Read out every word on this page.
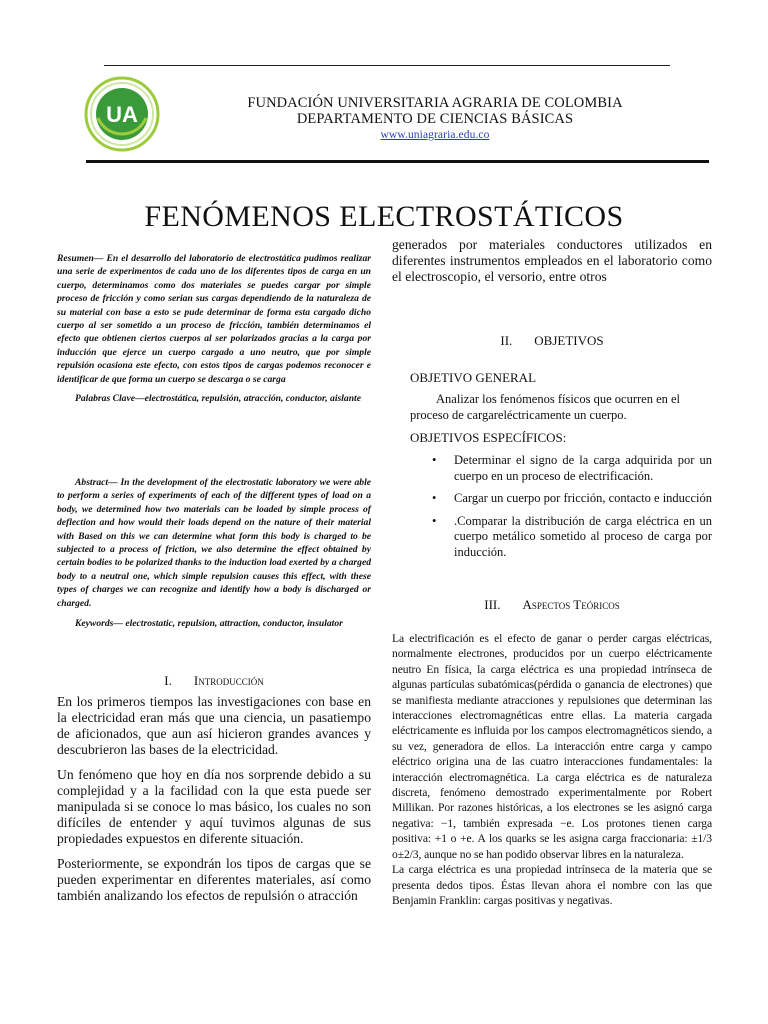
UA	FUNDACIÓN UNIVERSITARIA AGRARIA DE COLOMBIA
DEPARTAMENTO DE CIENCIAS BÁSICAS
www.uniagraria.edu.co
FENÓMENOS ELECTROSTÁTICOS

Resumen— En el desarrollo del laboratorio de electrostática pudimos realizar una serie de experimentos de cada uno de los diferentes tipos de carga en un cuerpo, determinamos como dos materiales se puedes cargar por simple proceso de fricción y como serian sus cargas dependiendo de la naturaleza de su material con base a esto se pude determinar de forma esta cargado dicho cuerpo al ser sometido a un proceso de fricción, también determinamos el efecto que obtienen ciertos cuerpos al ser polarizados gracias a la carga por inducción que ejerce un cuerpo cargado a uno neutro, que por simple repulsión ocasiona este efecto, con estos tipos de cargas podemos reconocer e identificar de que forma un cuerpo se descarga o se carga

Palabras Clave—electrostática, repulsión, atracción, conductor, aislante

Abstract— In the development of the electrostatic laboratory we were able to perform a series of experiments of each of the different types of load on a body, we determined how two materials can be loaded by simple process of deflection and how would their loads depend on the nature of their material with Based on this we can determine what form this body is charged to be subjected to a process of friction, we also determine the effect obtained by certain bodies to be polarized thanks to the induction load exerted by a charged body to a neutral one, which simple repulsion causes this effect, with these types of charges we can recognize and identify how a body is discharged or charged.

Keywords— electrostatic, repulsion, attraction, conductor, insulator

I. Introducción

En los primeros tiempos las investigaciones con base en la electricidad eran más que una ciencia, un pasatiempo de aficionados, que aun así hicieron grandes avances y descubrieron las bases de la electricidad.

Un fenómeno que hoy en día nos sorprende debido a su complejidad y a la facilidad con la que esta puede ser manipulada si se conoce lo mas básico, los cuales no son difíciles de entender y aquí tuvimos algunas de sus propiedades expuestos en diferente situación.

Posteriormente, se expondrán los tipos de cargas que se pueden experimentar en diferentes materiales, así como también analizando los efectos de repulsión o atracción

generados por materiales conductores utilizados en diferentes instrumentos empleados en el laboratorio como el electroscopio, el versorio, entre otros

II. OBJETIVOS
OBJETIVO GENERAL
Analizar los fenómenos físicos que ocurren en el proceso de cargareléctricamente un cuerpo.
OBJETIVOS ESPECÍFICOS:
• Determinar el signo de la carga adquirida por un cuerpo en un proceso de electrificación.
• Cargar un cuerpo por fricción, contacto e inducción
• .Comparar la distribución de carga eléctrica en un cuerpo metálico sometido al proceso de carga por inducción.
III. Aspectos Teóricos

La electrificación es el efecto de ganar o perder cargas eléctricas, normalmente electrones, producidos por un cuerpo eléctricamente neutro En física, la carga eléctrica es una propiedad intrínseca de algunas partículas subatómicas(pérdida o ganancia de electrones) que se manifiesta mediante atracciones y repulsiones que determinan las interacciones electromagnéticas entre ellas. La materia cargada eléctricamente es influida por los campos electromagnéticos siendo, a su vez, generadora de ellos. La interacción entre carga y campo eléctrico origina una de las cuatro interacciones fundamentales: la interacción electromagnética. La carga eléctrica es de naturaleza discreta, fenómeno demostrado experimentalmente por Robert Millikan. Por razones históricas, a los electrones se les asignó carga negativa: −1, también expresada −e. Los protones tienen carga positiva: +1 o +e. A los quarks se les asigna carga fraccionaria: ±1/3 o±2/3, aunque no se han podido observar libres en la naturaleza.

La carga eléctrica es una propiedad intrínseca de la materia que se presenta dedos tipos. Éstas llevan ahora el nombre con las que Benjamin Franklin: cargas positivas y negativas.
